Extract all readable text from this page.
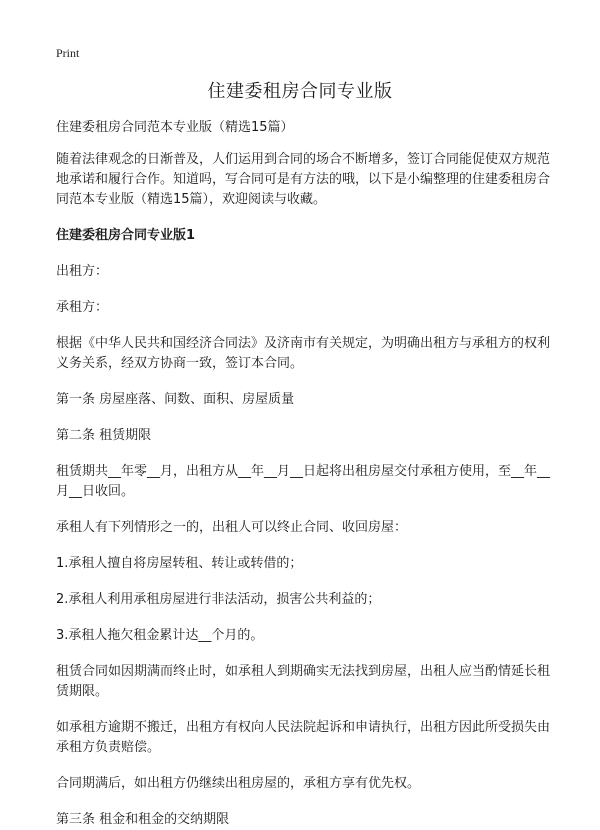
Print
住建委租房合同专业版

住建委租房合同范本专业版（精选15篇）

随着法律观念的日渐普及，人们运用到合同的场合不断增多，签订合同能促使双方规范地承诺和履行合作。知道吗，写合同可是有方法的哦，以下是小编整理的住建委租房合同范本专业版（精选15篇），欢迎阅读与收藏。

住建委租房合同专业版1

出租方：

承租方：

根据《中华人民共和国经济合同法》及济南市有关规定，为明确出租方与承租方的权利义务关系，经双方协商一致，签订本合同。

第一条 房屋座落、间数、面积、房屋质量

第二条 租赁期限

租赁期共__年零__月，出租方从__年__月__日起将出租房屋交付承租方使用，至__年__月__日收回。

承租人有下列情形之一的，出租人可以终止合同、收回房屋：

1.承租人擅自将房屋转租、转让或转借的；

2.承租人利用承租房屋进行非法活动，损害公共利益的；

3.承租人拖欠租金累计达__个月的。

租赁合同如因期满而终止时，如承租人到期确实无法找到房屋，出租人应当酌情延长租赁期限。

如承租方逾期不搬迁，出租方有权向人民法院起诉和申请执行，出租方因此所受损失由承租方负责赔偿。

合同期满后，如出租方仍继续出租房屋的，承租方享有优先权。

第三条 租金和租金的交纳期限
